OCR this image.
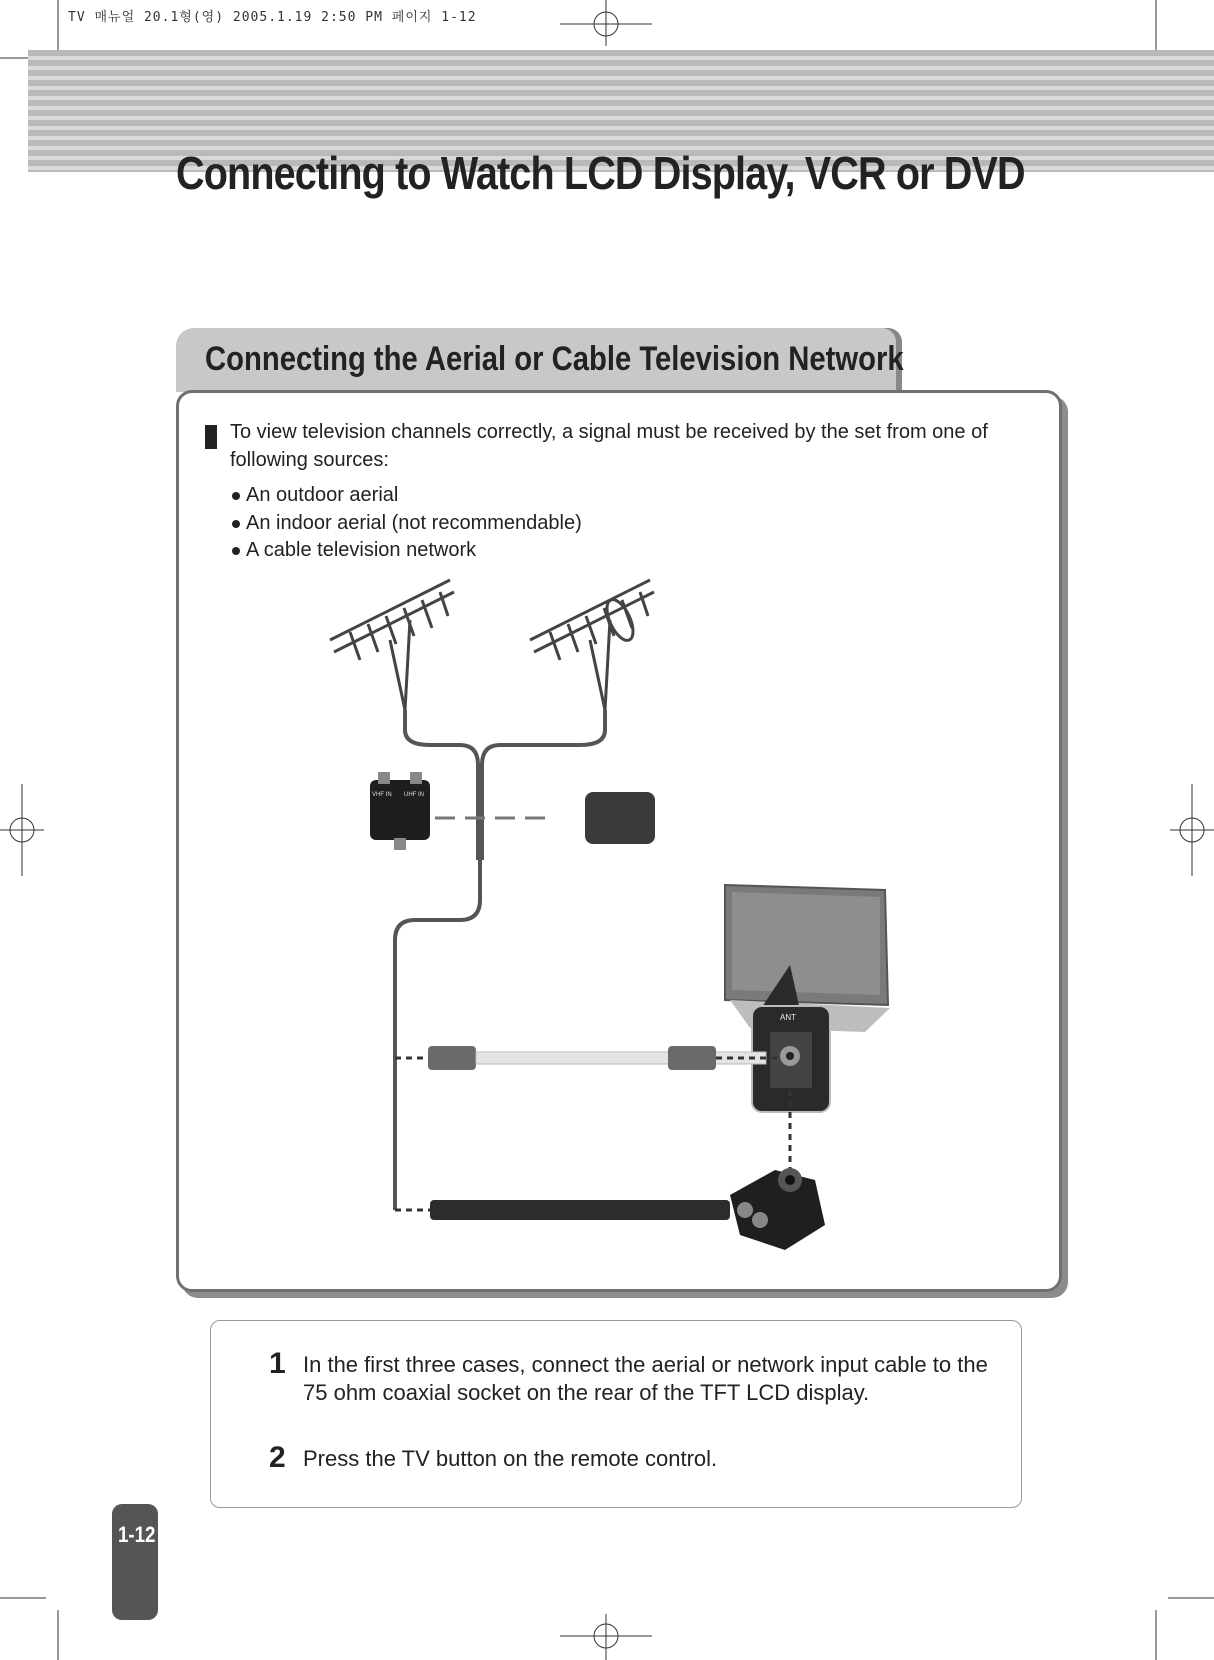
TV 매뉴얼 20.1형(영) 2005.1.19 2:50 PM 페이지 1-12
Connecting to Watch LCD Display, VCR or DVD
Connecting the Aerial or Cable Television Network
To view television channels correctly, a signal must be received by the set from one of following sources:
An outdoor aerial
An indoor aerial (not recommendable)
A cable television network
VHF IN UHF IN
ANT
1 In the first three cases, connect the aerial or network input cable to the 75 ohm coaxial socket on the rear of the TFT LCD display.
2 Press the TV button on the remote control.
1-12
